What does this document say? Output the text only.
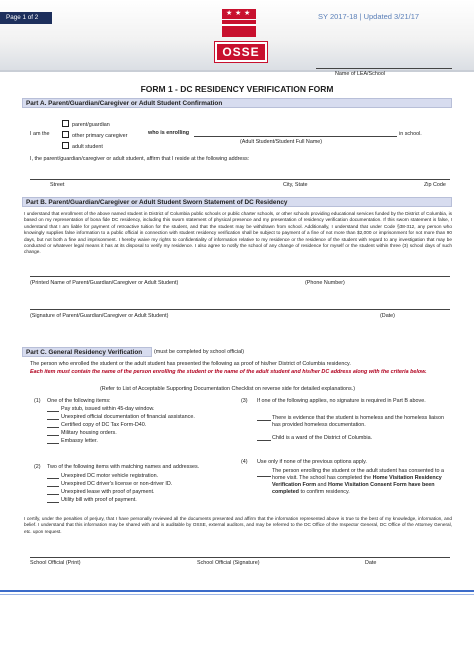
Page 1 of 2	SY 2017-18 | Updated 3/21/17
★ ★ ★
OSSE
Name of LEA/School
FORM 1 - DC RESIDENCY VERIFICATION FORM
Part A. Parent/Guardian/Caregiver or Adult Student Confirmation
I am the
parent/guardian
other primary caregiver
adult student
who is enrolling	in school.
(Adult Student/Student Full Name)
I, the parent/guardian/caregiver or adult student, affirm that I reside at the following address:
Street	City, State	Zip Code
Part B. Parent/Guardian/Caregiver or Adult Student Sworn Statement of DC Residency
I understand that enrollment of the above named student in District of Columbia public schools or public charter schools, or other schools providing educational services funded by the District of Columbia, is based on my representation of bona fide DC residency, including this sworn statement of physical presence and my presentation of residency verification documentation. If this sworn statement is false, I understand that I am liable for payment of retroactive tuition for the student, and that the student may be withdrawn from school. Additionally, I understand that under Code §38-312, any person who knowingly supplies false information to a public official in connection with student residency verification shall be subject to payment of a fine of not more than $2,000 or imprisonment for not more than 90 days, but not both a fine and imprisonment. I hereby waive my rights to confidentiality of information relative to my residence or the residence of the student with regard to any investigation that may be conducted or whatever legal means it has at its disposal to verify my residence. I also agree to notify the school of any change of residence for myself or the student within three (3) school days of such change.
(Printed Name of Parent/Guardian/Caregiver or Adult Student)	(Phone Number)
(Signature of Parent/Guardian/Caregiver or Adult Student)	(Date)
Part C. General Residency Verification	(must be completed by school official)
The person who enrolled the student or the adult student has presented the following as proof of his/her District of Columbia residency.
Each item must contain the name of the person enrolling the student or the name of the adult student and his/her DC address along with the criteria below.
(Refer to List of Acceptable Supporting Documentation Checklist on reverse side for detailed explanations.)
(1) One of the following items:
Pay stub, issued within 45-day window.
Unexpired official documentation of financial assistance.
Certified copy of DC Tax Form-D40.
Military housing orders.
Embassy letter.
(2) Two of the following items with matching names and addresses.
Unexpired DC motor vehicle registration.
Unexpired DC driver's license or non-driver ID.
Unexpired lease with proof of payment.
Utility bill with proof of payment.
(3) If one of the following applies, no signature is required in Part B above.
There is evidence that the student is homeless and the homeless liaison has provided homeless documentation.
Child is a ward of the District of Columbia.
(4) Use only if none of the previous options apply.
The person enrolling the student or the adult student has consented to a home visit. The school has completed the Home Visitation Residency Verification Form and Home Visitation Consent Form have been completed to confirm residency.
I certify, under the penalties of perjury, that I have personally reviewed all the documents presented and affirm that the information represented above is true to the best of my knowledge, information, and belief. I understand that this information may be shared with and is auditable by OSSE, external auditors, and may be referred to the DC Office of the Inspector General, DC Office of the Attorney General, etc. upon request.
School Official (Print)	School Official (Signature)	Date
